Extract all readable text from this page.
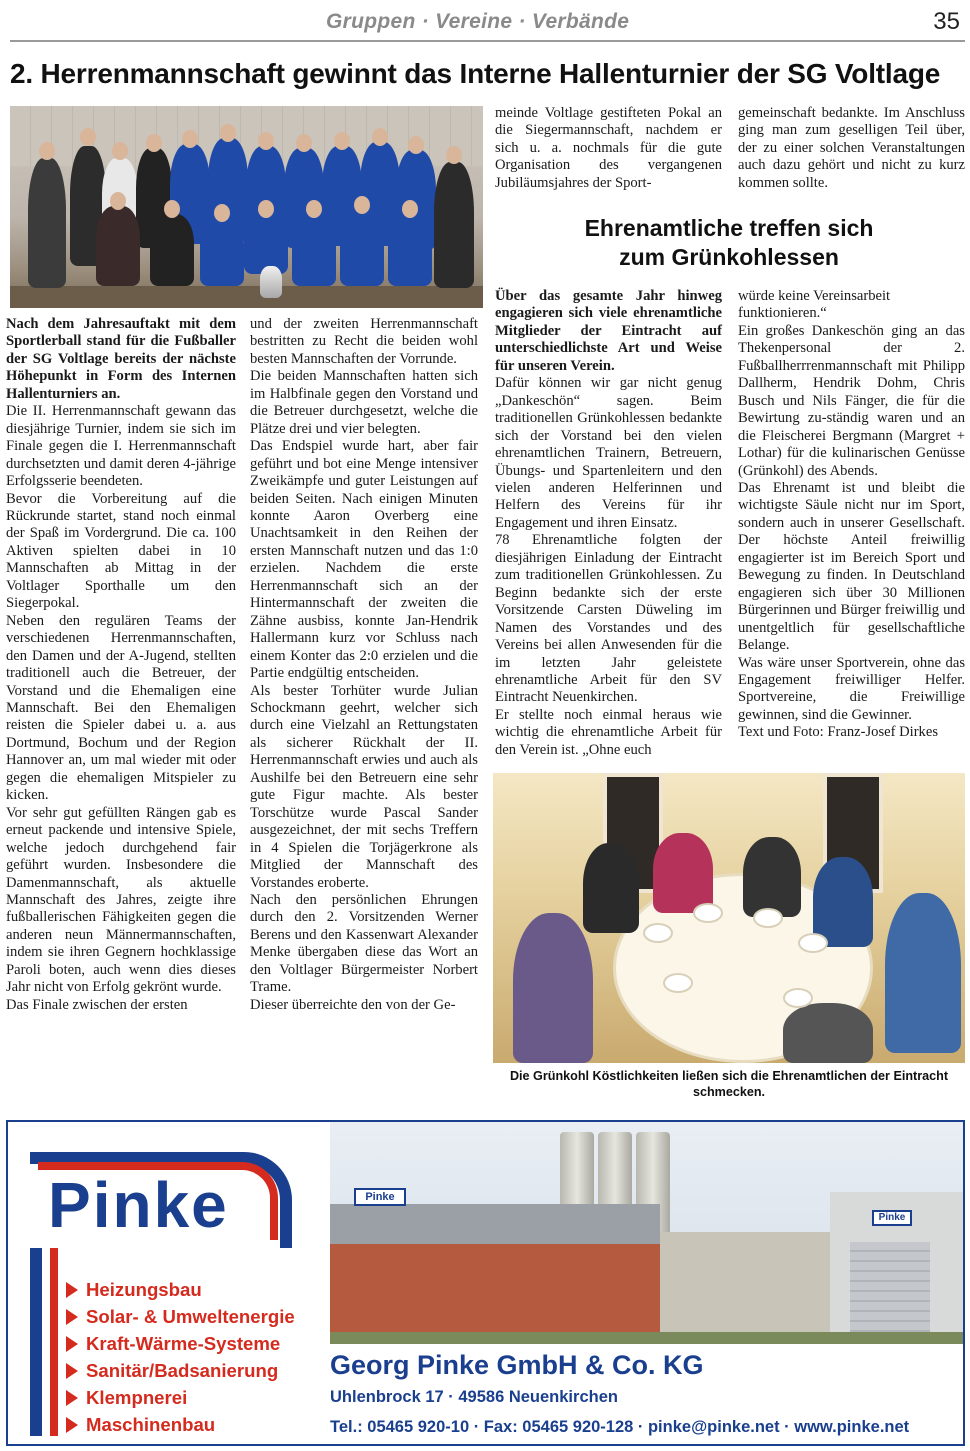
Gruppen · Vereine · Verbände	35
2. Herrenmannschaft gewinnt das Interne Hallenturnier der SG Voltlage

Nach dem Jahresauftakt mit dem Sportlerball stand für die Fußballer der SG Voltlage bereits der nächste Höhepunkt in Form des Internen Hallenturniers an.

Die II. Herrenmannschaft gewann das diesjährige Turnier, indem sie sich im Finale gegen die I. Herrenmannschaft durchsetzten und damit deren 4-jährige Erfolgsserie beendeten.

Bevor die Vorbereitung auf die Rückrunde startet, stand noch einmal der Spaß im Vordergrund. Die ca. 100 Aktiven spielten dabei in 10 Mannschaften ab Mittag in der Voltlager Sporthalle um den Siegerpokal.

Neben den regulären Teams der verschiedenen Herrenmannschaften, den Damen und der A-Jugend, stellten traditionell auch die Betreuer, der Vorstand und die Ehemaligen eine Mannschaft. Bei den Ehemaligen reisten die Spieler dabei u. a. aus Dortmund, Bochum und der Region Hannover an, um mal wieder mit oder gegen die ehemaligen Mitspieler zu kicken.

Vor sehr gut gefüllten Rängen gab es erneut packende und intensive Spiele, welche jedoch durchgehend fair geführt wurden. Insbesondere die Damenmannschaft, als aktuelle Mannschaft des Jahres, zeigte ihre fußballerischen Fähigkeiten gegen die anderen neun Männermannschaften, indem sie ihren Gegnern hochklassige Paroli boten, auch wenn dies dieses Jahr nicht von Erfolg gekrönt wurde.

Das Finale zwischen der ersten

und der zweiten Herrenmannschaft bestritten zu Recht die beiden wohl besten Mannschaften der Vorrunde.

Die beiden Mannschaften hatten sich im Halbfinale gegen den Vorstand und die Betreuer durchgesetzt, welche die Plätze drei und vier belegten.

Das Endspiel wurde hart, aber fair geführt und bot eine Menge intensiver Zweikämpfe und guter Leistungen auf beiden Seiten. Nach einigen Minuten konnte Aaron Overberg eine Unachtsamkeit in den Reihen der ersten Mannschaft nutzen und das 1:0 erzielen. Nachdem die erste Herrenmannschaft sich an der Hintermannschaft der zweiten die Zähne ausbiss, konnte Jan-Hendrik Hallermann kurz vor Schluss nach einem Konter das 2:0 erzielen und die Partie endgültig entscheiden.

Als bester Torhüter wurde Julian Schockmann geehrt, welcher sich durch eine Vielzahl an Rettungstaten als sicherer Rückhalt der II. Herrenmannschaft erwies und auch als Aushilfe bei den Betreuern eine sehr gute Figur machte. Als bester Torschütze wurde Pascal Sander ausgezeichnet, der mit sechs Treffern in 4 Spielen die Torjägerkrone als Mitglied der Mannschaft des Vorstandes eroberte.

Nach den persönlichen Ehrungen durch den 2. Vorsitzenden Werner Berens und den Kassenwart Alexander Menke übergaben diese das Wort an den Voltlager Bürgermeister Norbert Trame.

Dieser überreichte den von der Ge-

meinde Voltlage gestifteten Pokal an die Siegermannschaft, nachdem er sich u. a. nochmals für die gute Organisation des vergangenen Jubiläumsjahres der Sport-

gemeinschaft bedankte. Im Anschluss ging man zum geselligen Teil über, der zu einer solchen Veranstaltungen auch dazu gehört und nicht zu kurz kommen sollte.

Ehrenamtliche treffen sich
zum Grünkohlessen

Über das gesamte Jahr hinweg engagieren sich viele ehrenamtliche Mitglieder der Eintracht auf unterschiedlichste Art und Weise für unseren Verein.

Dafür können wir gar nicht genug „Dankeschön“ sagen. Beim traditionellen Grünkohlessen bedankte sich der Vorstand bei den vielen ehrenamtlichen Trainern, Betreuern, Übungs- und Spartenleitern und den vielen anderen Helferinnen und Helfern des Vereins für ihr Engagement und ihren Einsatz.

78 Ehrenamtliche folgten der diesjährigen Einladung der Eintracht zum traditionellen Grünkohlessen. Zu Beginn bedankte sich der erste Vorsitzende Carsten Düweling im Namen des Vorstandes und des Vereins bei allen Anwesenden für die im letzten Jahr geleistete ehrenamtliche Arbeit für den SV Eintracht Neuenkirchen.

Er stellte noch einmal heraus wie wichtig die ehrenamtliche Arbeit für den Verein ist. „Ohne euch

würde keine Vereinsarbeit funktionieren.“

Ein großes Dankeschön ging an das Thekenpersonal der 2. Fußballherrrenmannschaft mit Philipp Dallherm, Hendrik Dohm, Chris Busch und Nils Fänger, die für die Bewirtung zu-ständig waren und an die Fleischerei Bergmann (Margret + Lothar) für die kulinarischen Genüsse (Grünkohl) des Abends.

Das Ehrenamt ist und bleibt die wichtigste Säule nicht nur im Sport, sondern auch in unserer Gesellschaft. Der höchste Anteil freiwillig engagierter ist im Bereich Sport und Bewegung zu finden. In Deutschland engagieren sich über 30 Millionen Bürgerinnen und Bürger freiwillig und unentgeltlich für gesellschaftliche Belange.

Was wäre unser Sportverein, ohne das Engagement freiwilliger Helfer. Sportvereine, die Freiwillige gewinnen, sind die Gewinner.

Text und Foto: Franz-Josef Dirkes

Die Grünkohl Köstlichkeiten ließen sich die Ehrenamtlichen der Eintracht schmecken.
Pinke
Heizungsbau
Solar- & Umweltenergie
Kraft-Wärme-Systeme
Sanitär/Badsanierung
Klempnerei
Maschinenbau
Pinke
Pinke
Georg Pinke GmbH & Co. KG
Uhlenbrock 17 · 49586 Neuenkirchen
Tel.: 05465 920-10 · Fax: 05465 920-128 · pinke@pinke.net · www.pinke.net
